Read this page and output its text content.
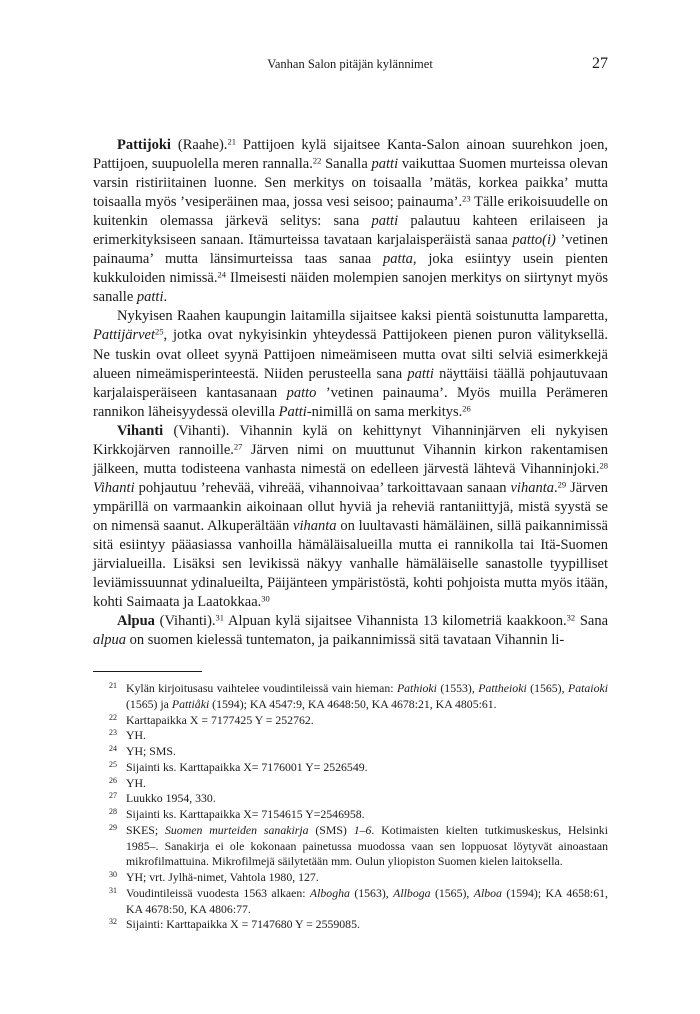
Vanhan Salon pitäjän kylännimet	27

Pattijoki (Raahe).$^{21}$ Pattijoen kylä sijaitsee Kanta-Salon ainoan suurehkon joen, Pattijoen, suupuolella meren rannalla.$^{22}$ Sanalla patti vaikuttaa Suomen murteissa olevan varsin ristiriitainen luonne. Sen merkitys on toisaalla ’mätäs, korkea paikka’ mutta toisaalla myös ’vesiperäinen maa, jossa vesi seisoo; painauma’.$^{23}$ Tälle erikoisuudelle on kuitenkin olemassa järkevä selitys: sana patti palautuu kahteen erilaiseen ja erimerkityksiseen sanaan. Itämurteissa tavataan karjalaisperäistä sanaa patto(i) ’vetinen painauma’ mutta länsimurteissa taas sanaa patta, joka esiintyy usein pienten kukkuloiden nimissä.$^{24}$ Ilmeisesti näiden molempien sanojen merkitys on siirtynyt myös sanalle patti.

Nykyisen Raahen kaupungin laitamilla sijaitsee kaksi pientä soistunutta lamparetta, Pattijärvet$^{25}$, jotka ovat nykyisinkin yhteydessä Pattijokeen pienen puron välityksellä. Ne tuskin ovat olleet syynä Pattijoen nimeämiseen mutta ovat silti selviä esimerkkejä alueen nimeämisperinteestä. Niiden perusteella sana patti näyttäisi täällä pohjautuvaan karjalaisperäiseen kantasanaan patto ’vetinen painauma’. Myös muilla Perämeren rannikon läheisyydessä olevilla Patti-nimillä on sama merkitys.$^{26}$

Vihanti (Vihanti). Vihannin kylä on kehittynyt Vihanninjärven eli nykyisen Kirkkojärven rannoille.$^{27}$ Järven nimi on muuttunut Vihannin kirkon rakentamisen jälkeen, mutta todisteena vanhasta nimestä on edelleen järvestä lähtevä Vihanninjoki.$^{28}$ Vihanti pohjautuu ’rehevää, vihreää, vihannoivaa’ tarkoittavaan sanaan vihanta.$^{29}$ Järven ympärillä on varmaankin aikoinaan ollut hyviä ja reheviä rantaniittyjä, mistä syystä se on nimensä saanut. Alkuperältään vihanta on luultavasti hämäläinen, sillä paikannimissä sitä esiintyy pääasiassa vanhoilla hämäläisalueilla mutta ei rannikolla tai Itä-Suomen järvialueilla. Lisäksi sen levikissä näkyy vanhalle hämäläiselle sanastolle tyypilliset leviämissuunnat ydinalueilta, Päijänteen ympäristöstä, kohti pohjoista mutta myös itään, kohti Saimaata ja Laatokkaa.$^{30}$

Alpua (Vihanti).$^{31}$ Alpuan kylä sijaitsee Vihannista 13 kilometriä kaakkoon.$^{32}$ Sana alpua on suomen kielessä tuntematon, ja paikannimissä sitä tavataan Vihannin li-

21 Kylän kirjoitusasu vaihtelee voudintileissä vain hieman: Pathioki (1553), Pattheioki (1565), Pataioki (1565) ja Pattiåki (1594); KA 4547:9, KA 4648:50, KA 4678:21, KA 4805:61.
22 Karttapaikka X = 7177425 Y = 252762.
23 YH.
24 YH; SMS.
25 Sijainti ks. Karttapaikka X= 7176001 Y= 2526549.
26 YH.
27 Luukko 1954, 330.
28 Sijainti ks. Karttapaikka X= 7154615 Y=2546958.
29 SKES; Suomen murteiden sanakirja (SMS) 1–6. Kotimaisten kielten tutkimuskeskus, Helsinki 1985–. Sanakirja ei ole kokonaan painetussa muodossa vaan sen loppuosat löytyvät ainoastaan mikrofilmattuina. Mikrofilmejä säilytetään mm. Oulun yliopiston Suomen kielen laitoksella.
30 YH; vrt. Jylhä-nimet, Vahtola 1980, 127.
31 Voudintileissä vuodesta 1563 alkaen: Albogha (1563), Allboga (1565), Alboa (1594); KA 4658:61, KA 4678:50, KA 4806:77.
32 Sijainti: Karttapaikka X = 7147680 Y = 2559085.
